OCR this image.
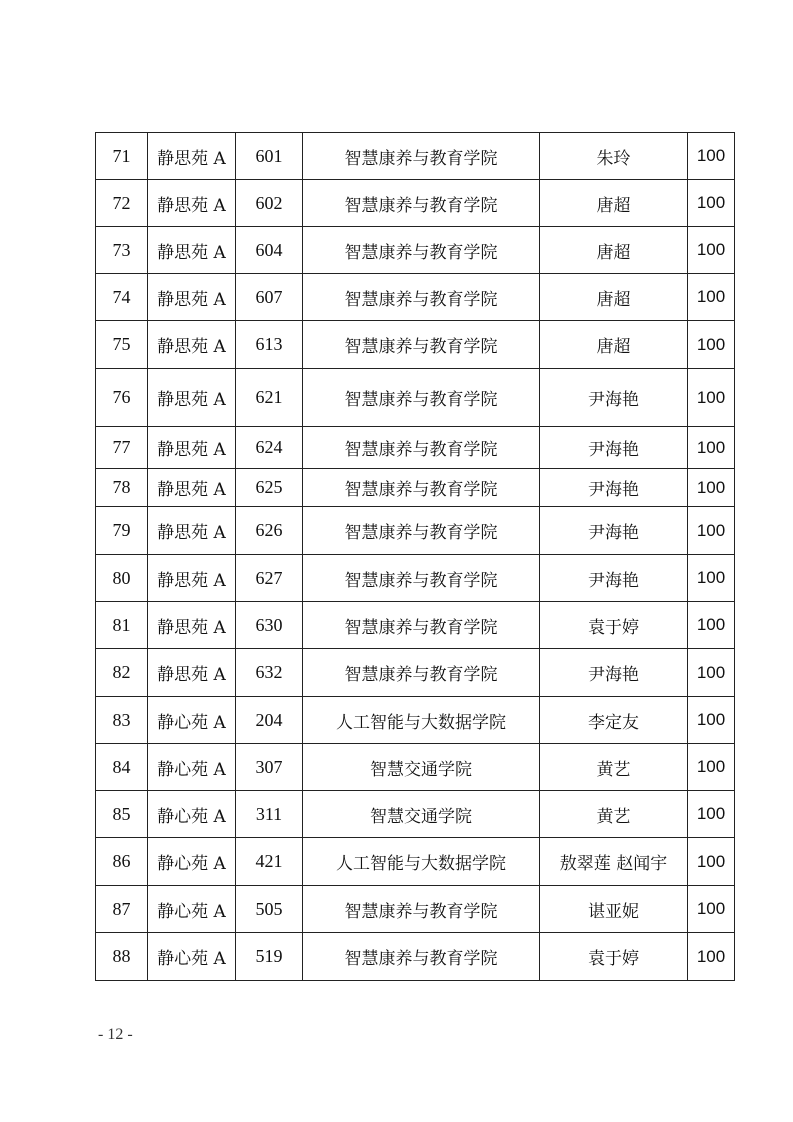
71	静思苑 A	601	智慧康养与教育学院	朱玲	100
72	静思苑 A	602	智慧康养与教育学院	唐超	100
73	静思苑 A	604	智慧康养与教育学院	唐超	100
74	静思苑 A	607	智慧康养与教育学院	唐超	100
75	静思苑 A	613	智慧康养与教育学院	唐超	100
76	静思苑 A	621	智慧康养与教育学院	尹海艳	100
77	静思苑 A	624	智慧康养与教育学院	尹海艳	100
78	静思苑 A	625	智慧康养与教育学院	尹海艳	100
79	静思苑 A	626	智慧康养与教育学院	尹海艳	100
80	静思苑 A	627	智慧康养与教育学院	尹海艳	100
81	静思苑 A	630	智慧康养与教育学院	袁于婷	100
82	静思苑 A	632	智慧康养与教育学院	尹海艳	100
83	静心苑 A	204	人工智能与大数据学院	李定友	100
84	静心苑 A	307	智慧交通学院	黄艺	100
85	静心苑 A	311	智慧交通学院	黄艺	100
86	静心苑 A	421	人工智能与大数据学院	敖翠莲 赵闻宇	100
87	静心苑 A	505	智慧康养与教育学院	谌亚妮	100
88	静心苑 A	519	智慧康养与教育学院	袁于婷	100
- 12 -
